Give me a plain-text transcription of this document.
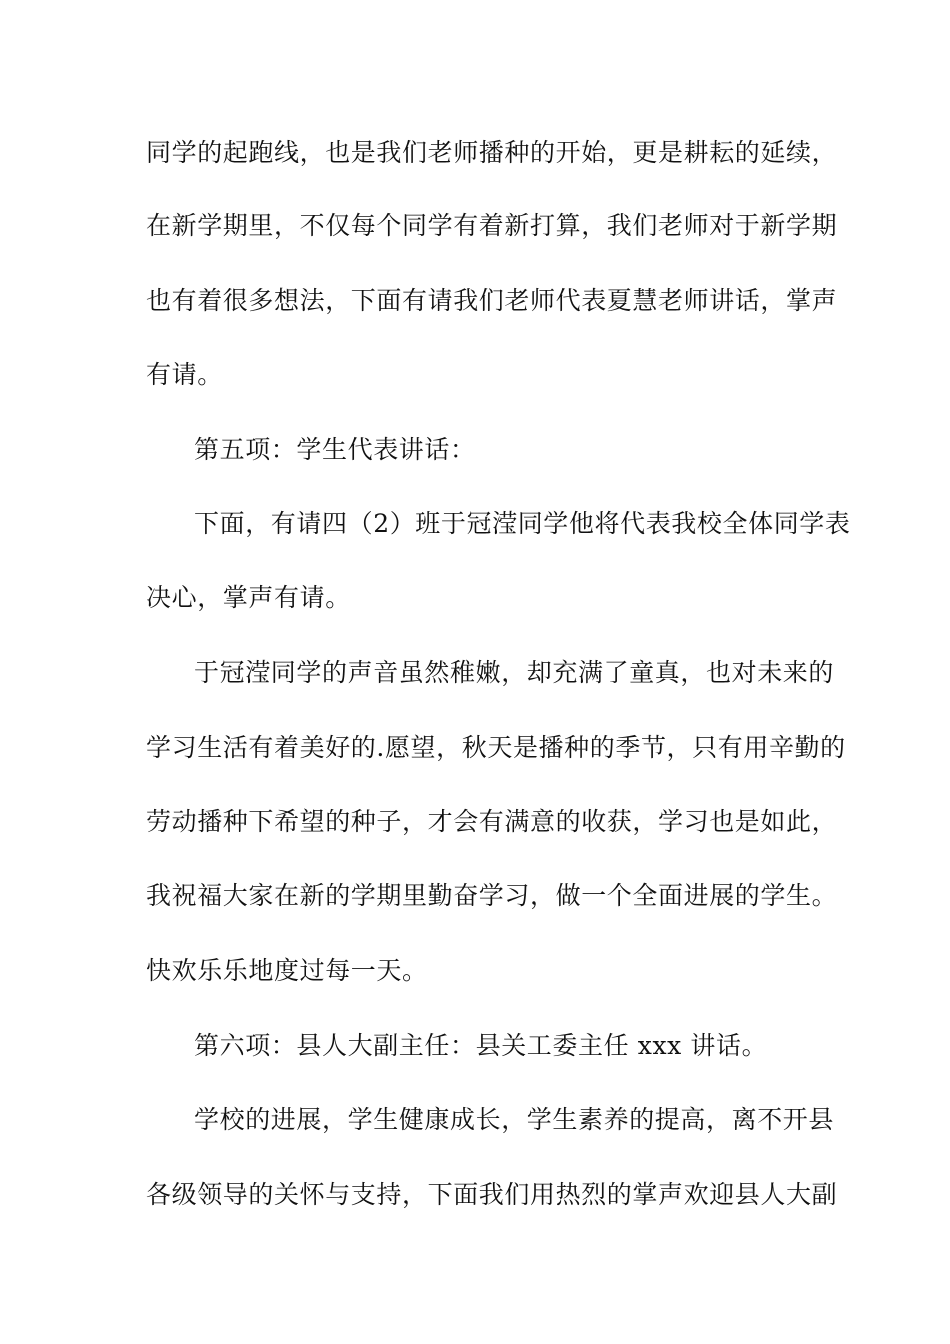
同学的起跑线，也是我们老师播种的开始，更是耕耘的延续，
在新学期里，不仅每个同学有着新打算，我们老师对于新学期
也有着很多想法，下面有请我们老师代表夏慧老师讲话，掌声
有请。
第五项：学生代表讲话：
下面，有请四（2）班于冠滢同学他将代表我校全体同学表
决心，掌声有请。
于冠滢同学的声音虽然稚嫩，却充满了童真，也对未来的
学习生活有着美好的.愿望，秋天是播种的季节，只有用辛勤的
劳动播种下希望的种子，才会有满意的收获，学习也是如此，
我祝福大家在新的学期里勤奋学习，做一个全面进展的学生。
快欢乐乐地度过每一天。
第六项：县人大副主任：县关工委主任 xxx 讲话。
学校的进展，学生健康成长，学生素养的提高，离不开县
各级领导的关怀与支持，下面我们用热烈的掌声欢迎县人大副
